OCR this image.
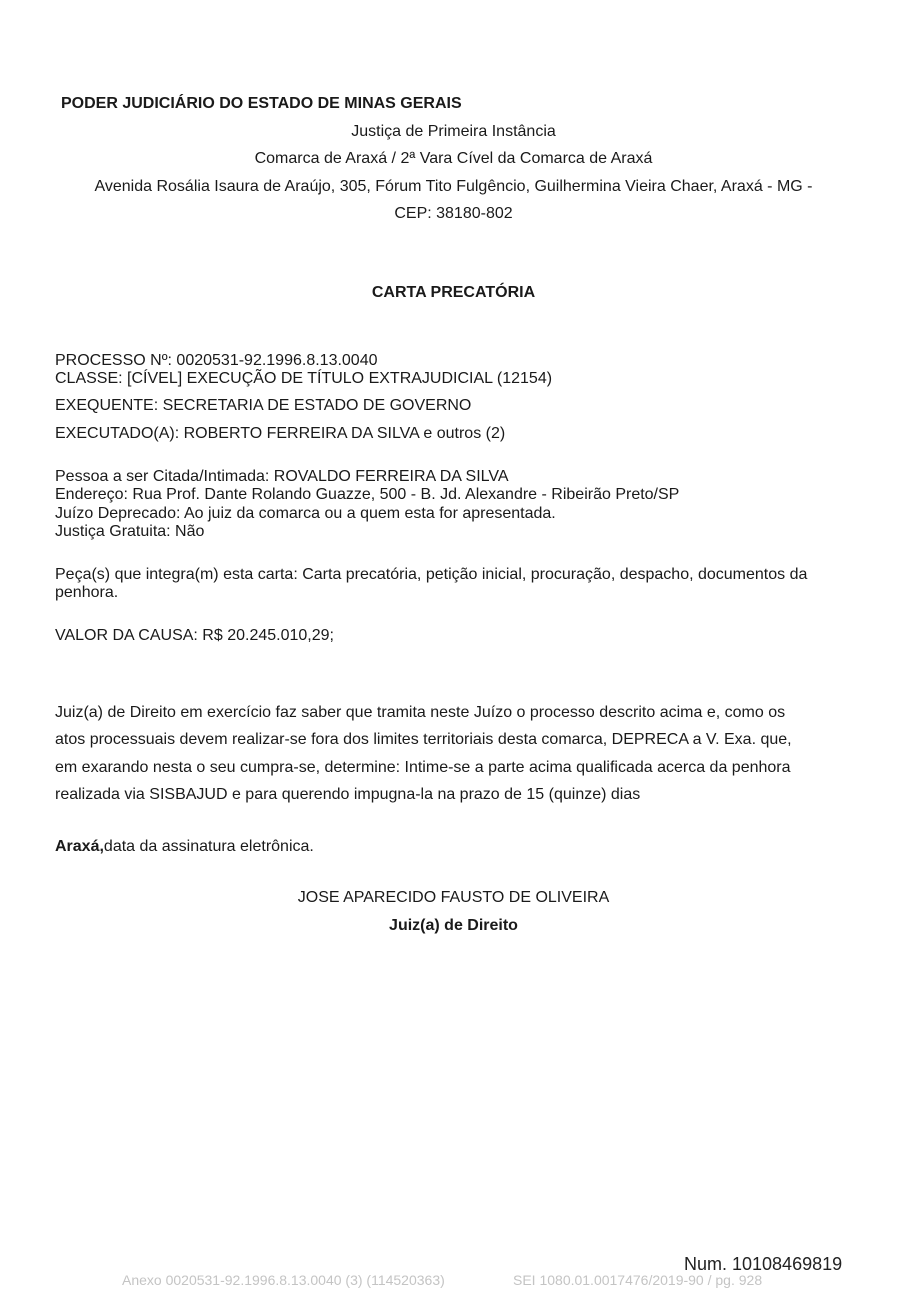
PODER JUDICIÁRIO DO ESTADO DE MINAS GERAIS
Justiça de Primeira Instância
Comarca de Araxá / 2ª Vara Cível da Comarca de Araxá
Avenida Rosália Isaura de Araújo, 305, Fórum Tito Fulgêncio, Guilhermina Vieira Chaer, Araxá - MG -
CEP: 38180-802
CARTA PRECATÓRIA
PROCESSO Nº: 0020531-92.1996.8.13.0040
CLASSE: [CÍVEL] EXECUÇÃO DE TÍTULO EXTRAJUDICIAL (12154)
EXEQUENTE: SECRETARIA DE ESTADO DE GOVERNO
EXECUTADO(A): ROBERTO FERREIRA DA SILVA e outros (2)
Pessoa a ser Citada/Intimada: ROVALDO FERREIRA DA SILVA
Endereço: Rua Prof. Dante Rolando Guazze, 500 - B. Jd. Alexandre - Ribeirão Preto/SP
Juízo Deprecado: Ao juiz da comarca ou a quem esta for apresentada.
Justiça Gratuita: Não
Peça(s) que integra(m) esta carta: Carta precatória, petição inicial, procuração, despacho, documentos da
penhora.
VALOR DA CAUSA: R$ 20.245.010,29;
Juiz(a) de Direito em exercício faz saber que tramita neste Juízo o processo descrito acima e, como os
atos processuais devem realizar-se fora dos limites territoriais desta comarca, DEPRECA a V. Exa. que,
em exarando nesta o seu cumpra-se, determine: Intime-se a parte acima qualificada acerca da penhora
realizada via SISBAJUD e para querendo impugna-la na prazo de 15 (quinze) dias
Araxá,data da assinatura eletrônica.
JOSE APARECIDO FAUSTO DE OLIVEIRA
Juiz(a) de Direito
Num. 10108469819
Anexo 0020531-92.1996.8.13.0040 (3) (114520363)	SEI 1080.01.0017476/2019-90 / pg. 928
